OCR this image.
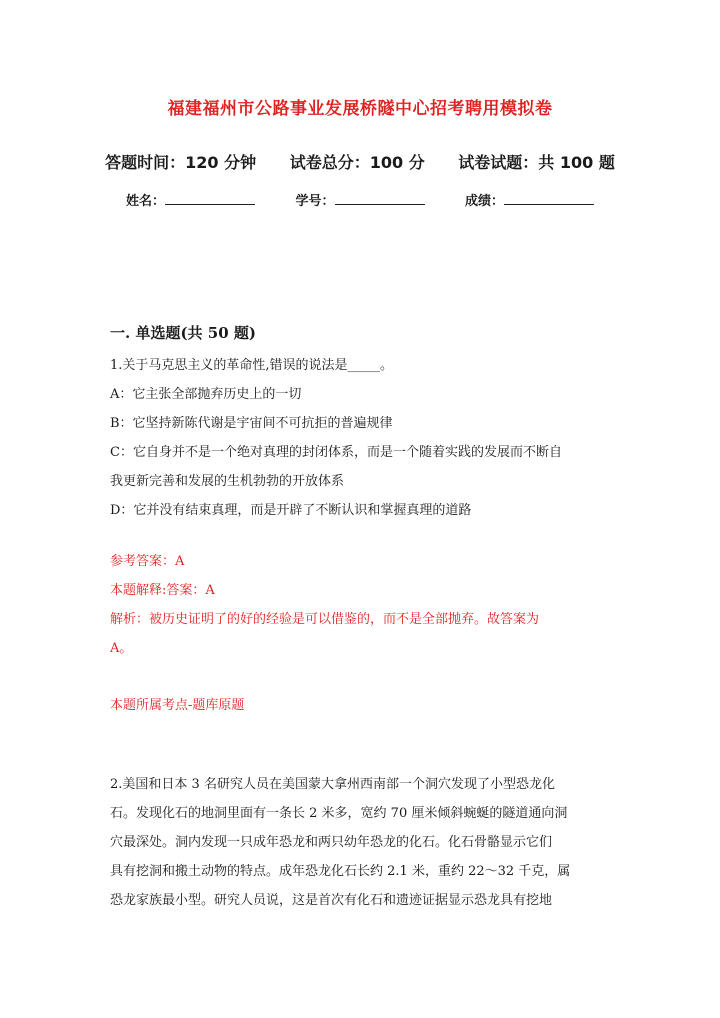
福建福州市公路事业发展桥隧中心招考聘用模拟卷
答题时间：120 分钟 试卷总分：100 分 试卷试题：共 100 题
姓名：	学号：	成绩：
一. 单选题(共 50 题)

1.关于马克思主义的革命性,错误的说法是_____。

A：它主张全部抛弃历史上的一切

B：它坚持新陈代谢是宇宙间不可抗拒的普遍规律

C：它自身并不是一个绝对真理的封闭体系，而是一个随着实践的发展而不断自

我更新完善和发展的生机勃勃的开放体系

D：它并没有结束真理，而是开辟了不断认识和掌握真理的道路

参考答案：A

本题解释:答案：A

解析：被历史证明了的好的经验是可以借鉴的，而不是全部抛弃。故答案为

A。

本题所属考点-题库原题

2.美国和日本 3 名研究人员在美国蒙大拿州西南部一个洞穴发现了小型恐龙化

石。发现化石的地洞里面有一条长 2 米多，宽约 70 厘米倾斜蜿蜒的隧道通向洞

穴最深处。洞内发现一只成年恐龙和两只幼年恐龙的化石。化石骨骼显示它们

具有挖洞和搬土动物的特点。成年恐龙化石长约 2.1 米，重约 22～32 千克，属

恐龙家族最小型。研究人员说，这是首次有化石和遗迹证据显示恐龙具有挖地
